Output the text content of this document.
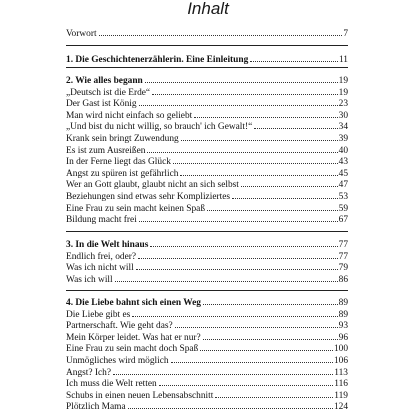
Inhalt
Vorwort	7
1. Die Geschichtenerzählerin. Eine Einleitung	11
2. Wie alles begann	19
„Deutsch ist die Erde“	19
Der Gast ist König	23
Man wird nicht einfach so geliebt	30
„Und bist du nicht willig, so brauch' ich Gewalt!“	34
Krank sein bringt Zuwendung	39
Es ist zum Ausreißen	40
In der Ferne liegt das Glück	43
Angst zu spüren ist gefährlich	45
Wer an Gott glaubt, glaubt nicht an sich selbst	47
Beziehungen sind etwas sehr Kompliziertes	53
Eine Frau zu sein macht keinen Spaß	59
Bildung macht frei	67
3. In die Welt hinaus	77
Endlich frei, oder?	77
Was ich nicht will	79
Was ich will	86
4. Die Liebe bahnt sich einen Weg	89
Die Liebe gibt es	89
Partnerschaft. Wie geht das?	93
Mein Körper leidet. Was hat er nur?	96
Eine Frau zu sein macht doch Spaß	100
Unmögliches wird möglich	106
Angst? Ich?	113
Ich muss die Welt retten	116
Schubs in einen neuen Lebensabschnitt	119
Plötzlich Mama	124
